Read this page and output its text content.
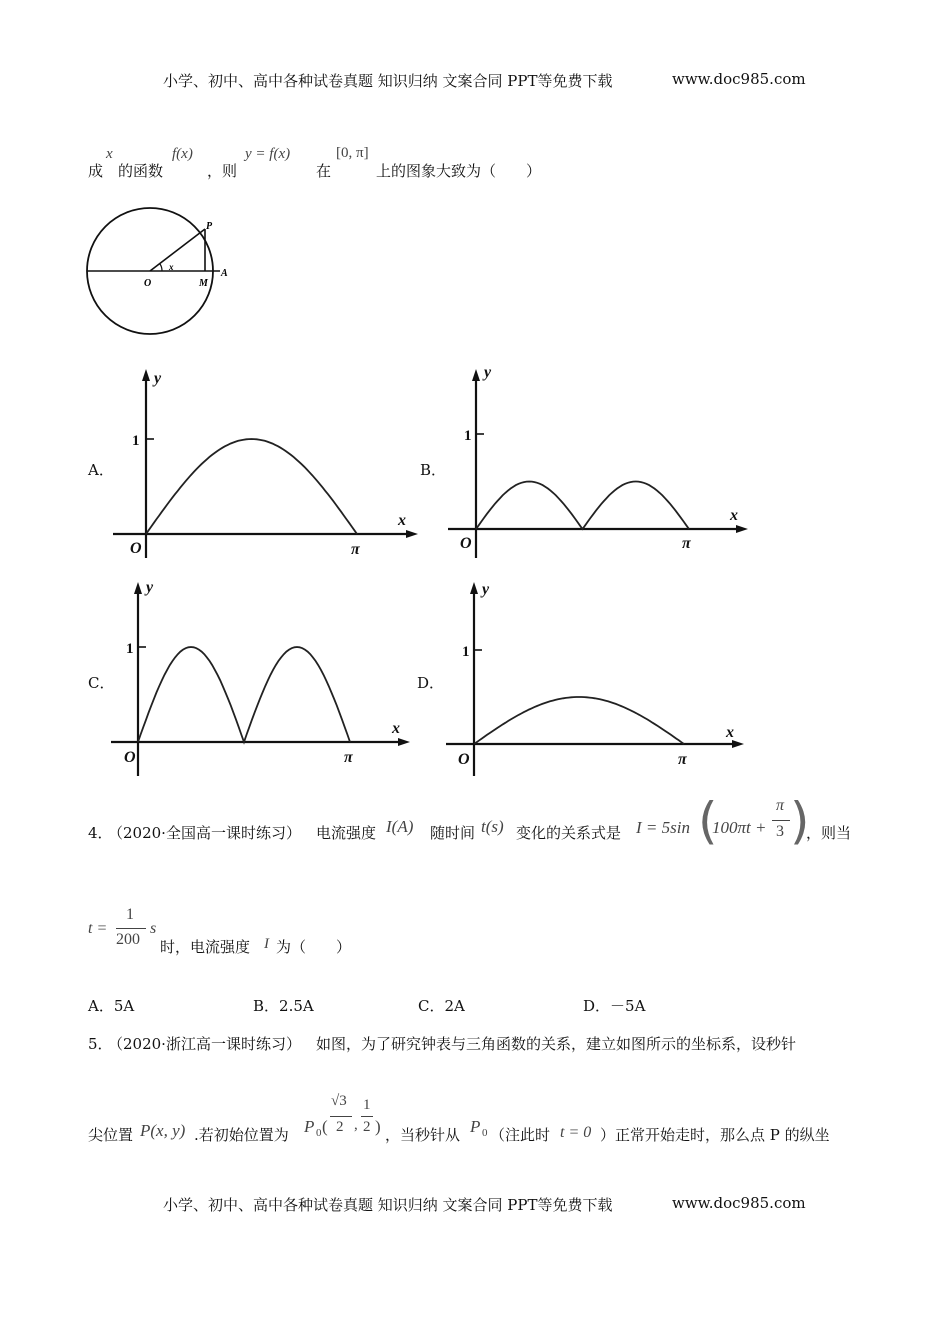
小学、初中、高中各种试卷真题 知识归纳 文案合同 PPT等免费下载	www.doc985.com
成
x
的函数
f(x)
，则
y = f(x)
在
[0, π]
上的图象大致为（　　）
O	M
A
P
x
A．
y
x
O
1
π
B．
y
x
O
1
π
C．
y
x
O
1
π
D．
y
x
O
1
π
4．
（2020·全国高一课时练习） 电流强度 I(A) 随时间 t(s) 变化的关系式是 I = 5sin (
100πt +
π
3 )
，则当
t =
1
200
s
时，电流强度 I 为（　　）
A．5A	B．2.5A	C．2A	D．－5A
5．
（2020·浙江高一课时练习） 如图，为了研究钟表与三角函数的关系，建立如图所示的坐标系，设秒针
尖位置 P(x, y) .若初始位置为 P 0 (
√3
2 ,
1
2 ) ，当秒针从 P 0 （注此时 t = 0 ）正常开始走时，那么点 P 的纵坐
小学、初中、高中各种试卷真题 知识归纳 文案合同 PPT等免费下载	www.doc985.com
